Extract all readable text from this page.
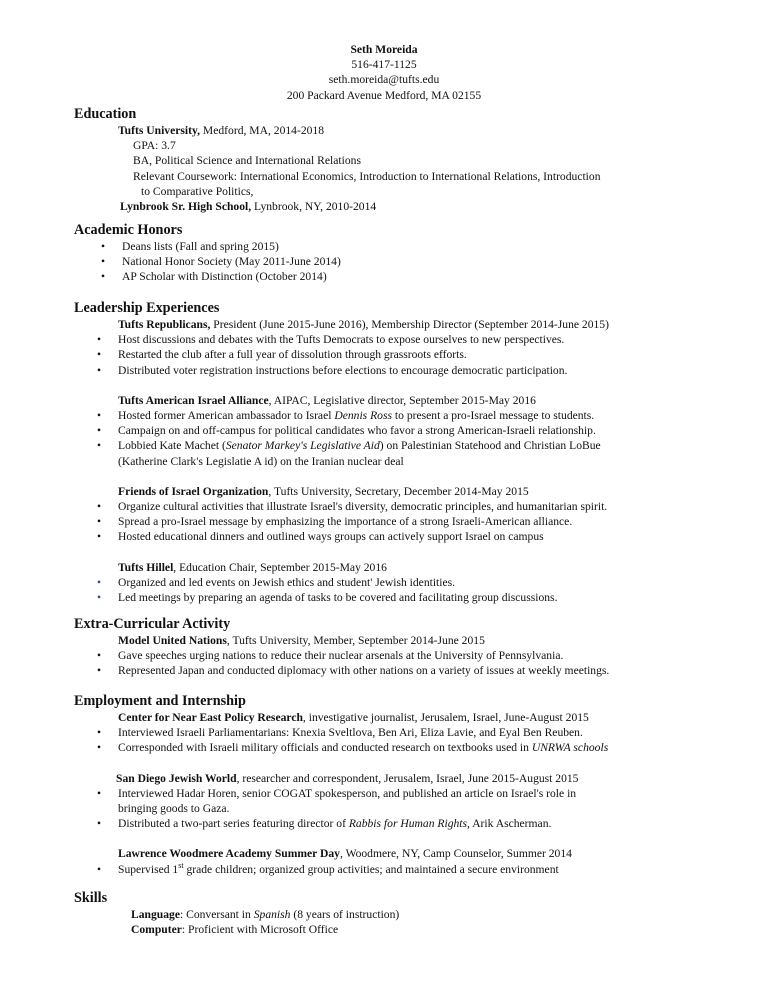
Seth Moreida
516-417-1125
seth.moreida@tufts.edu
200 Packard Avenue Medford, MA 02155
Education
Tufts University, Medford, MA, 2014-2018
GPA: 3.7
BA, Political Science and International Relations
Relevant Coursework: International Economics, Introduction to International Relations, Introduction
to Comparative Politics,
Lynbrook Sr. High School, Lynbrook, NY, 2010-2014
Academic Honors
• Deans lists (Fall and spring 2015)
• National Honor Society (May 2011-June 2014)
• AP Scholar with Distinction (October 2014)
Leadership Experiences
Tufts Republicans, President (June 2015-June 2016), Membership Director (September 2014-June 2015)
• Host discussions and debates with the Tufts Democrats to expose ourselves to new perspectives.
• Restarted the club after a full year of dissolution through grassroots efforts.
• Distributed voter registration instructions before elections to encourage democratic participation.
Tufts American Israel Alliance, AIPAC, Legislative director, September 2015-May 2016
• Hosted former American ambassador to Israel Dennis Ross to present a pro-Israel message to students.
• Campaign on and off-campus for political candidates who favor a strong American-Israeli relationship.
• Lobbied Kate Machet (Senator Markey's Legislative Aid) on Palestinian Statehood and Christian LoBue
(Katherine Clark's Legislatie A id) on the Iranian nuclear deal
Friends of Israel Organization, Tufts University, Secretary, December 2014-May 2015
• Organize cultural activities that illustrate Israel's diversity, democratic principles, and humanitarian spirit.
• Spread a pro-Israel message by emphasizing the importance of a strong Israeli-American alliance.
• Hosted educational dinners and outlined ways groups can actively support Israel on campus
Tufts Hillel, Education Chair, September 2015-May 2016
• Organized and led events on Jewish ethics and student' Jewish identities.
• Led meetings by preparing an agenda of tasks to be covered and facilitating group discussions.
Extra-Curricular Activity
Model United Nations, Tufts University, Member, September 2014-June 2015
• Gave speeches urging nations to reduce their nuclear arsenals at the University of Pennsylvania.
• Represented Japan and conducted diplomacy with other nations on a variety of issues at weekly meetings.
Employment and Internship
Center for Near East Policy Research, investigative journalist, Jerusalem, Israel, June-August 2015
• Interviewed Israeli Parliamentarians: Knexia Sveltlova, Ben Ari, Eliza Lavie, and Eyal Ben Reuben.
• Corresponded with Israeli military officials and conducted research on textbooks used in UNRWA schools
San Diego Jewish World, researcher and correspondent, Jerusalem, Israel, June 2015-August 2015
• Interviewed Hadar Horen, senior COGAT spokesperson, and published an article on Israel's role in
bringing goods to Gaza.
• Distributed a two-part series featuring director of Rabbis for Human Rights, Arik Ascherman.
Lawrence Woodmere Academy Summer Day, Woodmere, NY, Camp Counselor, Summer 2014
• Supervised 1st grade children; organized group activities; and maintained a secure environment
Skills
Language: Conversant in Spanish (8 years of instruction)
Computer: Proficient with Microsoft Office
